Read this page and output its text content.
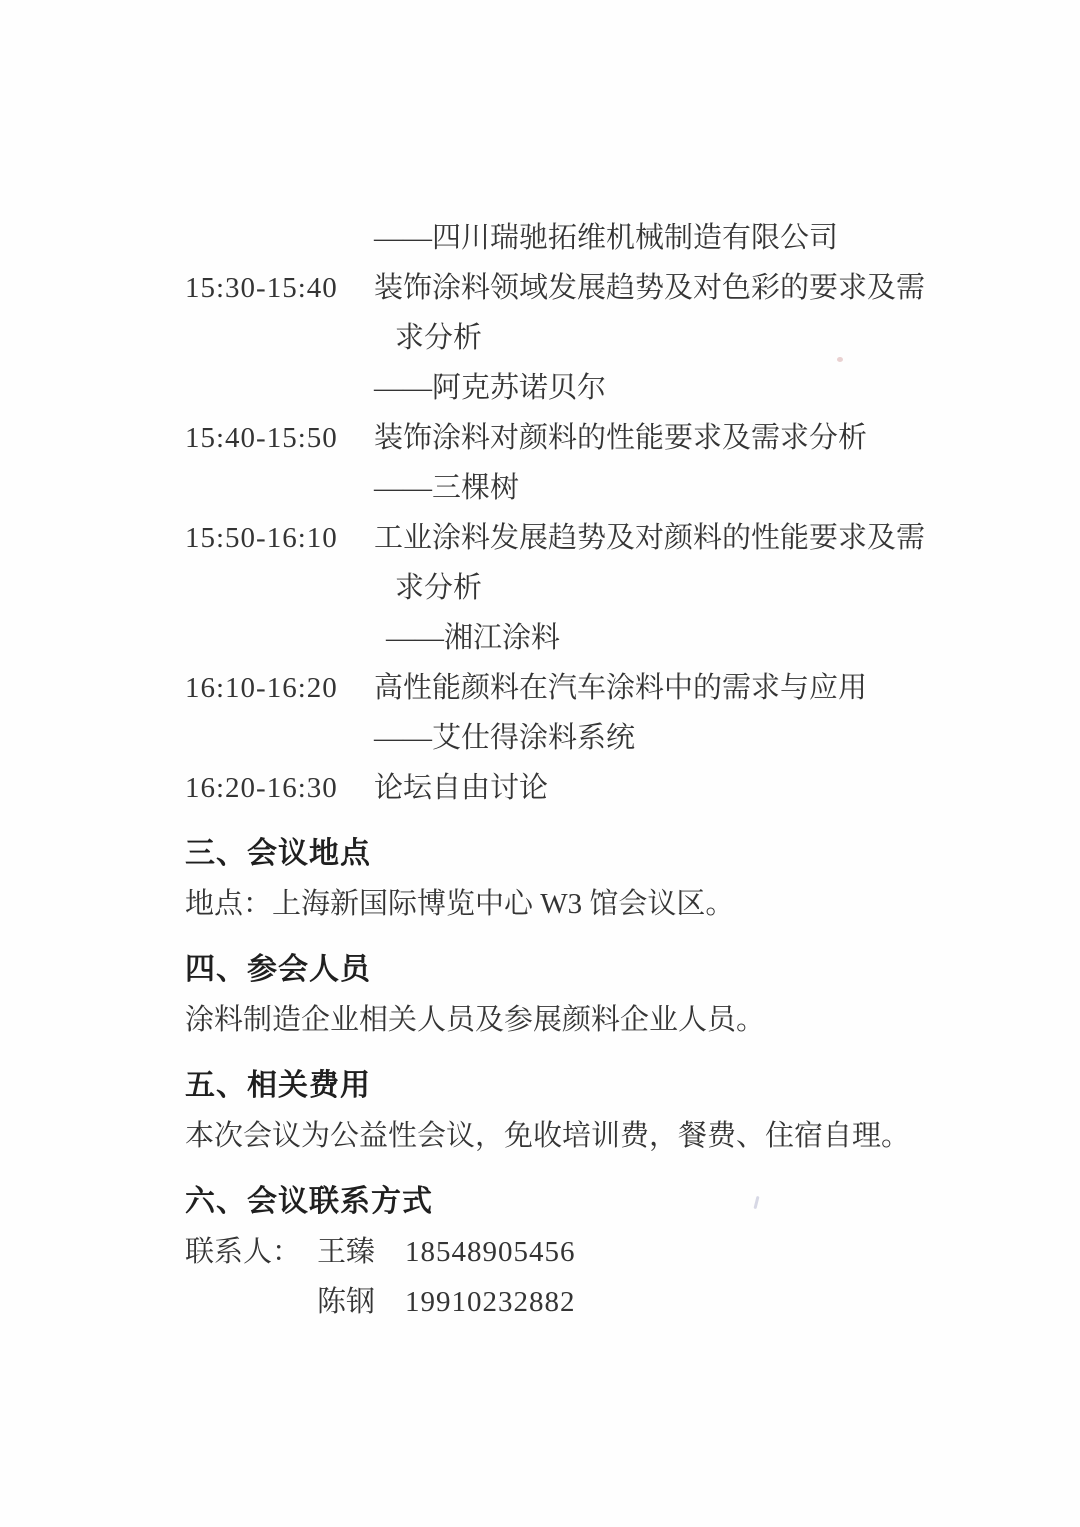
——四川瑞驰拓维机械制造有限公司
15:30-15:40	装饰涂料领域发展趋势及对色彩的要求及需
求分析
——阿克苏诺贝尔
15:40-15:50	装饰涂料对颜料的性能要求及需求分析
——三棵树
15:50-16:10	工业涂料发展趋势及对颜料的性能要求及需
求分析
——湘江涂料
16:10-16:20	高性能颜料在汽车涂料中的需求与应用
——艾仕得涂料系统
16:20-16:30	论坛自由讨论
三、会议地点
地点：上海新国际博览中心 W3 馆会议区。
四、参会人员
涂料制造企业相关人员及参展颜料企业人员。
五、相关费用
本次会议为公益性会议，免收培训费，餐费、住宿自理。
六、会议联系方式
联系人： 王臻	18548905456
陈钢	19910232882
